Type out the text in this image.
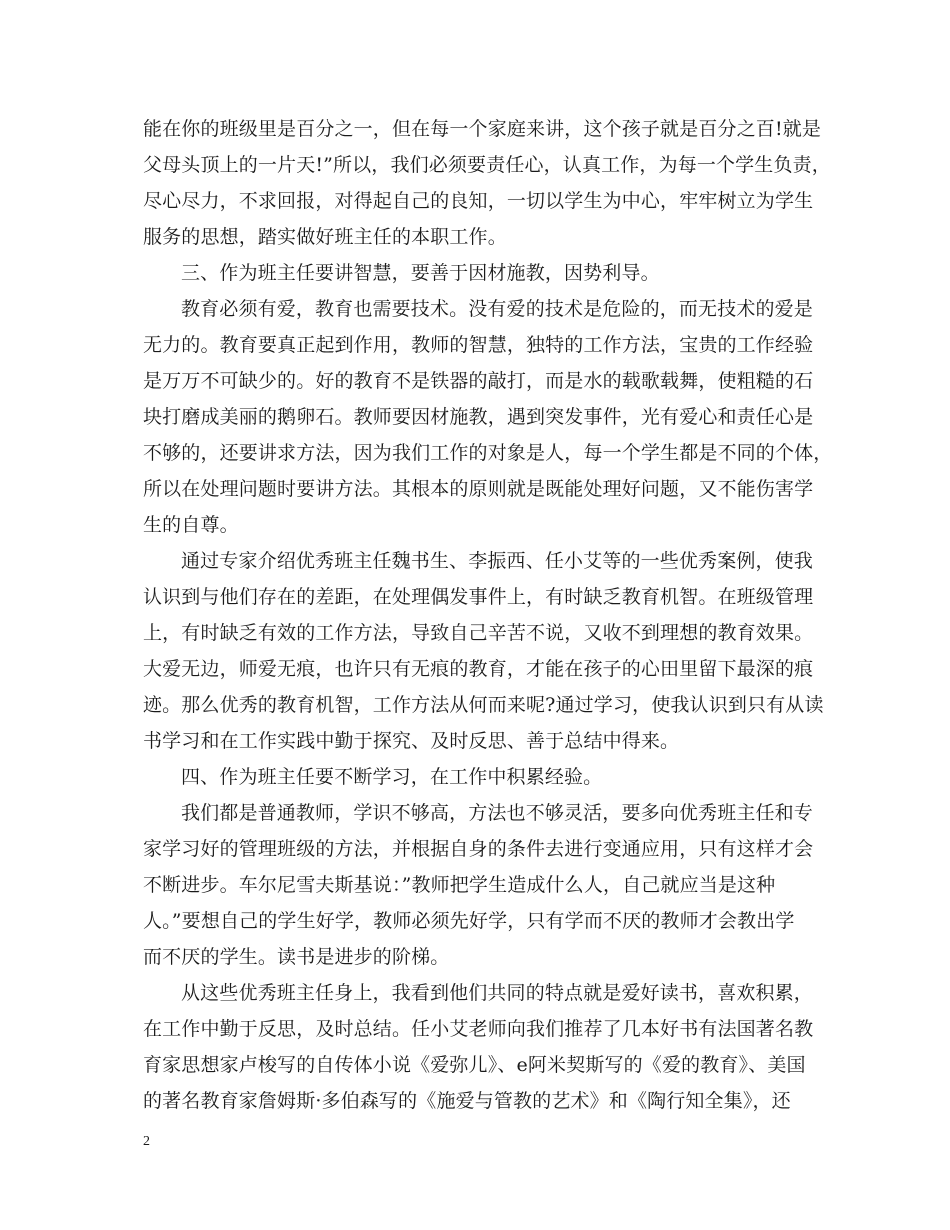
能在你的班级里是百分之一，但在每一个家庭来讲，这个孩子就是百分之百!就是
父母头顶上的一片天!”所以，我们必须要责任心，认真工作，为每一个学生负责，
尽心尽力，不求回报，对得起自己的良知，一切以学生为中心，牢牢树立为学生
服务的思想，踏实做好班主任的本职工作。
三、作为班主任要讲智慧，要善于因材施教，因势利导。
教育必须有爱，教育也需要技术。没有爱的技术是危险的，而无技术的爱是
无力的。教育要真正起到作用，教师的智慧，独特的工作方法，宝贵的工作经验
是万万不可缺少的。好的教育不是铁器的敲打，而是水的载歌载舞，使粗糙的石
块打磨成美丽的鹅卵石。教师要因材施教，遇到突发事件，光有爱心和责任心是
不够的，还要讲求方法，因为我们工作的对象是人，每一个学生都是不同的个体，
所以在处理问题时要讲方法。其根本的原则就是既能处理好问题，又不能伤害学
生的自尊。
通过专家介绍优秀班主任魏书生、李振西、任小艾等的一些优秀案例，使我
认识到与他们存在的差距，在处理偶发事件上，有时缺乏教育机智。在班级管理
上，有时缺乏有效的工作方法，导致自己辛苦不说，又收不到理想的教育效果。
大爱无边，师爱无痕，也许只有无痕的教育，才能在孩子的心田里留下最深的痕
迹。那么优秀的教育机智，工作方法从何而来呢?通过学习，使我认识到只有从读
书学习和在工作实践中勤于探究、及时反思、善于总结中得来。
四、作为班主任要不断学习，在工作中积累经验。
我们都是普通教师，学识不够高，方法也不够灵活，要多向优秀班主任和专
家学习好的管理班级的方法，并根据自身的条件去进行变通应用，只有这样才会
不断进步。车尔尼雪夫斯基说：”教师把学生造成什么人，自己就应当是这种
人。”要想自己的学生好学，教师必须先好学，只有学而不厌的教师才会教出学
而不厌的学生。读书是进步的阶梯。
从这些优秀班主任身上，我看到他们共同的特点就是爱好读书，喜欢积累，
在工作中勤于反思，及时总结。任小艾老师向我们推荐了几本好书有法国著名教
育家思想家卢梭写的自传体小说《爱弥儿》、e阿米契斯写的《爱的教育》、美国
的著名教育家詹姆斯·多伯森写的《施爱与管教的艺术》和《陶行知全集》，还
2
